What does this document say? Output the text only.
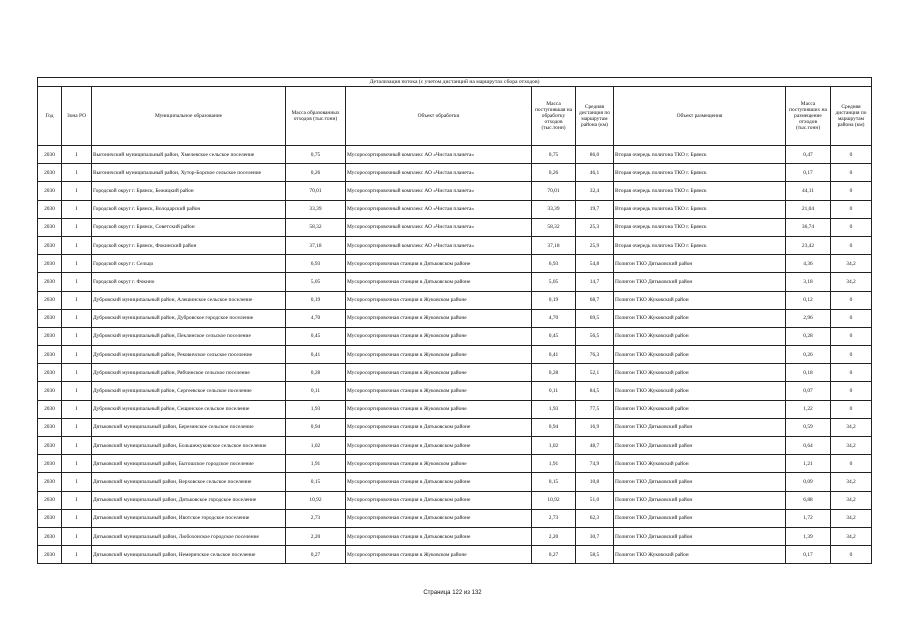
Детализация потока (с учетом дистанций на маршрутах сбора отходов)									
Год	Зона РО	Муниципальное образование	Масса образованных отходов (тыс.тонн)	Объект обработки	Масса поступившая на обработку отходов (тыс.тонн)	Средняя дистанция по маршрутам района (км)	Объект размещения	Масса поступивших на размещение отходов (тыс.тонн)	Средняя дистанция по маршрутам района (км)
2030	I	Выгоничский муниципальный район, Хмелевское сельское поселение	0,75	Мусоросортировочный комплекс АО «Чистая планета»	0,75	86,0	Вторая очередь полигона ТКО г. Брянск	0,47	0
2030	I	Выгоничский муниципальный район, Хутор-Борское сельское поселение	0,26	Мусоросортировочный комплекс АО «Чистая планета»	0,26	46,1	Вторая очередь полигона ТКО г. Брянск	0,17	0
2030	I	Городской округ г. Брянск, Бежицкий район	70,01	Мусоросортировочный комплекс АО «Чистая планета»	70,01	32,4	Вторая очередь полигона ТКО г. Брянск	44,11	0
2030	I	Городской округ г. Брянск, Володарский район	33,39	Мусоросортировочный комплекс АО «Чистая планета»	33,39	19,7	Вторая очередь полигона ТКО г. Брянск	21,04	0
2030	I	Городской округ г. Брянск, Советский район	58,32	Мусоросортировочный комплекс АО «Чистая планета»	58,32	25,3	Вторая очередь полигона ТКО г. Брянск	36,74	0
2030	I	Городской округ г. Брянск, Фокинский район	37,18	Мусоросортировочный комплекс АО «Чистая планета»	37,18	25,9	Вторая очередь полигона ТКО г. Брянск	23,42	0
2030	I	Городской округ г. Сельцо	6,93	Мусоросортировочная станция в Дятьковском районе	6,93	54,8	Полигон ТКО Дятьковский район	4,36	34,2
2030	I	Городской округ г. Фокино	5,05	Мусоросортировочная станция в Дятьковском районе	5,05	14,7	Полигон ТКО Дятьковский район	3,18	34,2
2030	I	Дубровский муниципальный район, Алешинское сельское поселение	0,19	Мусоросортировочная станция в Жуковском районе	0,19	68,7	Полигон ТКО Жуковский район	0,12	0
2030	I	Дубровский муниципальный район, Дубровское городское поселение	4,70	Мусоросортировочная станция в Жуковском районе	4,70	69,5	Полигон ТКО Жуковский район	2,96	0
2030	I	Дубровский муниципальный район, Пеклинское сельское поселение	0,45	Мусоросортировочная станция в Жуковском районе	0,45	56,5	Полигон ТКО Жуковский район	0,28	0
2030	I	Дубровский муниципальный район, Рековичское сельское поселение	0,41	Мусоросортировочная станция в Жуковском районе	0,41	76,3	Полигон ТКО Жуковский район	0,26	0
2030	I	Дубровский муниципальный район, Рябчинское сельское поселение	0,28	Мусоросортировочная станция в Жуковском районе	0,28	52,1	Полигон ТКО Жуковский район	0,18	0
2030	I	Дубровский муниципальный район, Сергеевское сельское поселение	0,11	Мусоросортировочная станция в Жуковском районе	0,11	84,5	Полигон ТКО Жуковский район	0,07	0
2030	I	Дубровский муниципальный район, Сещинское сельское поселение	1,93	Мусоросортировочная станция в Жуковском районе	1,93	77,5	Полигон ТКО Жуковский район	1,22	0
2030	I	Дятьковский муниципальный район, Березинское сельское поселение	0,94	Мусоросортировочная станция в Дятьковском районе	0,94	16,9	Полигон ТКО Дятьковский район	0,59	34,2
2030	I	Дятьковский муниципальный район, Большежуковское сельское поселение	1,02	Мусоросортировочная станция в Дятьковском районе	1,02	48,7	Полигон ТКО Дятьковский район	0,64	34,2
2030	I	Дятьковский муниципальный район, Бытошское городское поселение	1,91	Мусоросортировочная станция в Жуковском районе	1,91	74,9	Полигон ТКО Жуковский район	1,21	0
2030	I	Дятьковский муниципальный район, Верховское сельское поселение	0,15	Мусоросортировочная станция в Дятьковском районе	0,15	10,8	Полигон ТКО Дятьковский район	0,09	34,2
2030	I	Дятьковский муниципальный район, Дятьковское городское поселение	10,92	Мусоросортировочная станция в Дятьковском районе	10,92	51,0	Полигон ТКО Дятьковский район	6,88	34,2
2030	I	Дятьковский муниципальный район, Ивотское городское поселение	2,73	Мусоросортировочная станция в Дятьковском районе	2,73	62,3	Полигон ТКО Дятьковский район	1,72	34,2
2030	I	Дятьковский муниципальный район, Любохонское городское поселение	2,20	Мусоросортировочная станция в Дятьковском районе	2,20	30,7	Полигон ТКО Дятьковский район	1,39	34,2
2030	I	Дятьковский муниципальный район, Немеричское сельское поселение	0,27	Мусоросортировочная станция в Жуковском районе	0,27	58,5	Полигон ТКО Жуковский район	0,17	0
Страница 122 из 132
